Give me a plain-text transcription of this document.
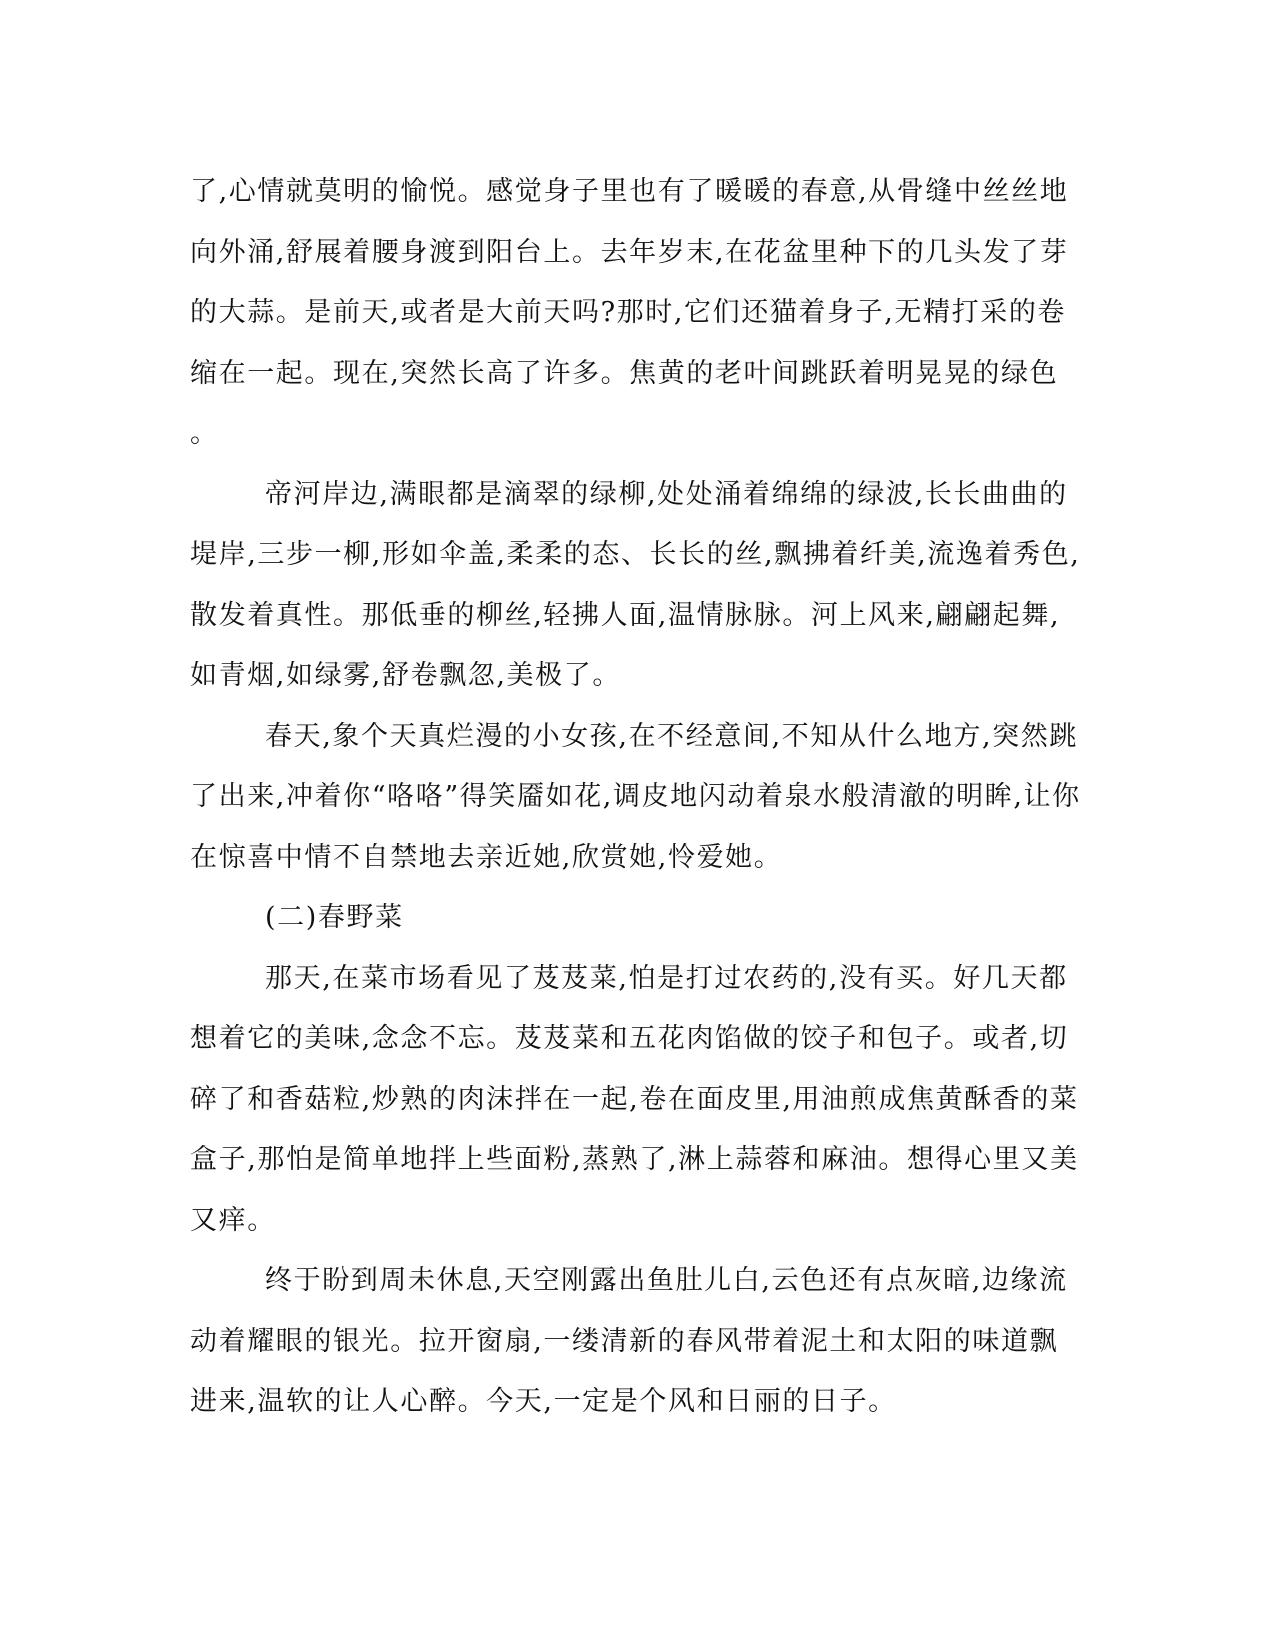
了,心情就莫明的愉悦。感觉身子里也有了暖暖的春意,从骨缝中丝丝地
向外涌,舒展着腰身渡到阳台上。去年岁末,在花盆里种下的几头发了芽
的大蒜。是前天,或者是大前天吗?那时,它们还猫着身子,无精打采的卷
缩在一起。现在,突然长高了许多。焦黄的老叶间跳跃着明晃晃的绿色
。
帝河岸边,满眼都是滴翠的绿柳,处处涌着绵绵的绿波,长长曲曲的
堤岸,三步一柳,形如伞盖,柔柔的态、长长的丝,飘拂着纤美,流逸着秀色,
散发着真性。那低垂的柳丝,轻拂人面,温情脉脉。河上风来,翩翩起舞,
如青烟,如绿雾,舒卷飘忽,美极了。
春天,象个天真烂漫的小女孩,在不经意间,不知从什么地方,突然跳
了出来,冲着你“咯咯”得笑靥如花,调皮地闪动着泉水般清澈的明眸,让你
在惊喜中情不自禁地去亲近她,欣赏她,怜爱她。
(二)春野菜
那天,在菜市场看见了芨芨菜,怕是打过农药的,没有买。好几天都
想着它的美味,念念不忘。芨芨菜和五花肉馅做的饺子和包子。或者,切
碎了和香菇粒,炒熟的肉沫拌在一起,卷在面皮里,用油煎成焦黄酥香的菜
盒子,那怕是简单地拌上些面粉,蒸熟了,淋上蒜蓉和麻油。想得心里又美
又痒。
终于盼到周未休息,天空刚露出鱼肚儿白,云色还有点灰暗,边缘流
动着耀眼的银光。拉开窗扇,一缕清新的春风带着泥土和太阳的味道飘
进来,温软的让人心醉。今天,一定是个风和日丽的日子。
